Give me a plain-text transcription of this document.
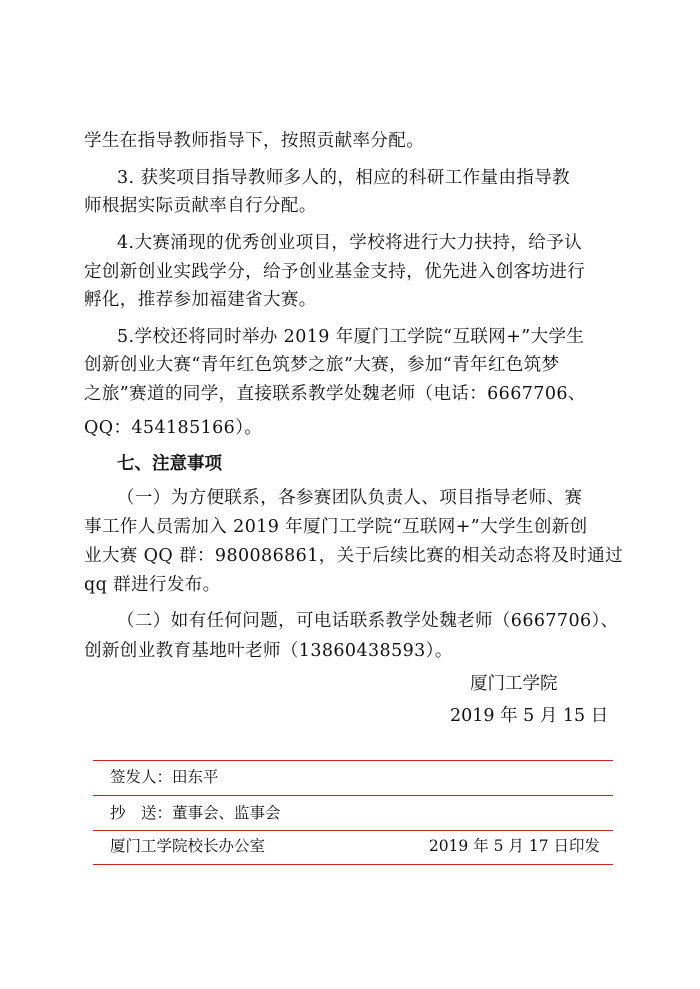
学生在指导教师指导下，按照贡献率分配。
3. 获奖项目指导教师多人的，相应的科研工作量由指导教
师根据实际贡献率自行分配。
4.大赛涌现的优秀创业项目，学校将进行大力扶持，给予认
定创新创业实践学分，给予创业基金支持，优先进入创客坊进行
孵化，推荐参加福建省大赛。
5.学校还将同时举办 2019 年厦门工学院“互联网+”大学生
创新创业大赛“青年红色筑梦之旅”大赛，参加“青年红色筑梦
之旅”赛道的同学，直接联系教学处魏老师（电话：6667706、
QQ：454185166）。
七、注意事项
（一）为方便联系，各参赛团队负责人、项目指导老师、赛
事工作人员需加入 2019 年厦门工学院“互联网+”大学生创新创
业大赛 QQ 群：980086861，关于后续比赛的相关动态将及时通过
qq 群进行发布。
（二）如有任何问题，可电话联系教学处魏老师（6667706）、
创新创业教育基地叶老师（13860438593）。
厦门工学院
2019 年 5 月 15 日
签发人：田东平
抄　送：董事会、监事会
厦门工学院校长办公室	2019 年 5 月 17 日印发
